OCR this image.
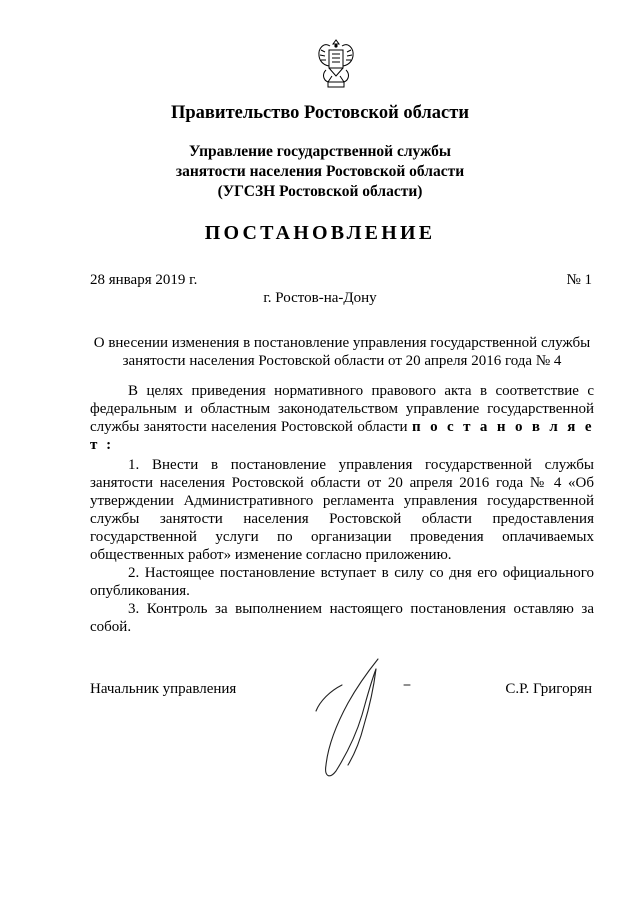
Правительство Ростовской области
Управление государственной службы
занятости населения Ростовской области
(УГСЗН Ростовской области)
ПОСТАНОВЛЕНИЕ
28 января 2019 г.	№ 1
г. Ростов-на-Дону
О внесении изменения в постановление управления государственной службы занятости населения Ростовской области от 20 апреля 2016 года № 4
В целях приведения нормативного правового акта в соответствие с федеральным и областным законодательством управление государственной службы занятости населения Ростовской области п о с т а н о в л я е т :
1. Внести в постановление управления государственной службы занятости населения Ростовской области от 20 апреля 2016 года № 4 «Об утверждении Административного регламента управления государственной службы занятости населения Ростовской области предоставления государственной услуги по организации проведения оплачиваемых общественных работ» изменение согласно приложению.
2. Настоящее постановление вступает в силу со дня его официального опубликования.
3. Контроль за выполнением настоящего постановления оставляю за собой.
Начальник управления	С.Р. Григорян
